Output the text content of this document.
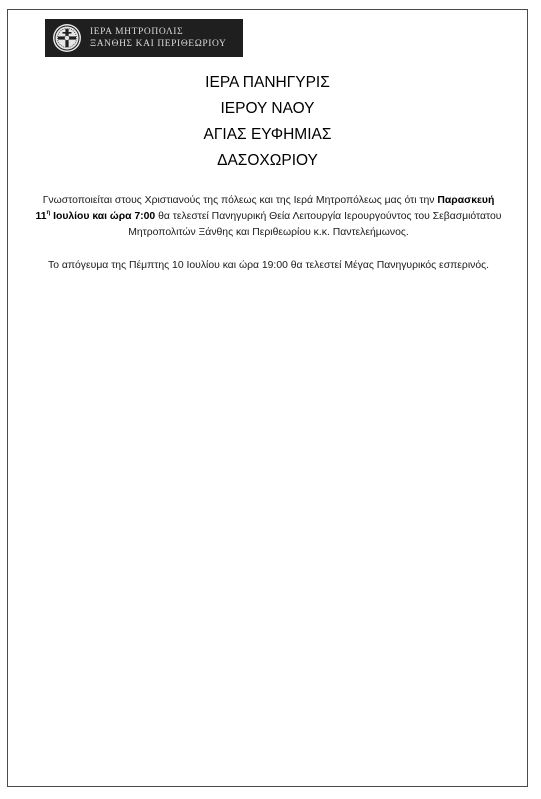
ΙΕΡΑ ΜΗΤΡΟΠΟΛΙΣ
ΞΑΝΘΗΣ ΚΑΙ ΠΕΡΙΘΕΩΡΙΟΥ
ΙΕΡΑ ΠΑΝΗΓΥΡΙΣ
ΙΕΡΟΥ ΝΑΟΥ
ΑΓΙΑΣ ΕΥΦΗΜΙΑΣ
ΔΑΣΟΧΩΡΙΟΥ

Γνωστοποιείται στους Χριστιανούς της πόλεως και της Ιερά Μητροπόλεως μας ότι την Παρασκευή
$11^\eta$ Ιουλίου και ώρα 7:00 θα τελεστεί Πανηγυρική Θεία Λειτουργία Ιερουργούντος του Σεβασμιότατου Μητροπολιτών Ξάνθης και Περιθεωρίου κ.κ. Παντελεήμωνος.

Το απόγευμα της Πέμπτης 10 Ιουλίου και ώρα 19:00 θα τελεστεί Μέγας Πανηγυρικός εσπερινός.
